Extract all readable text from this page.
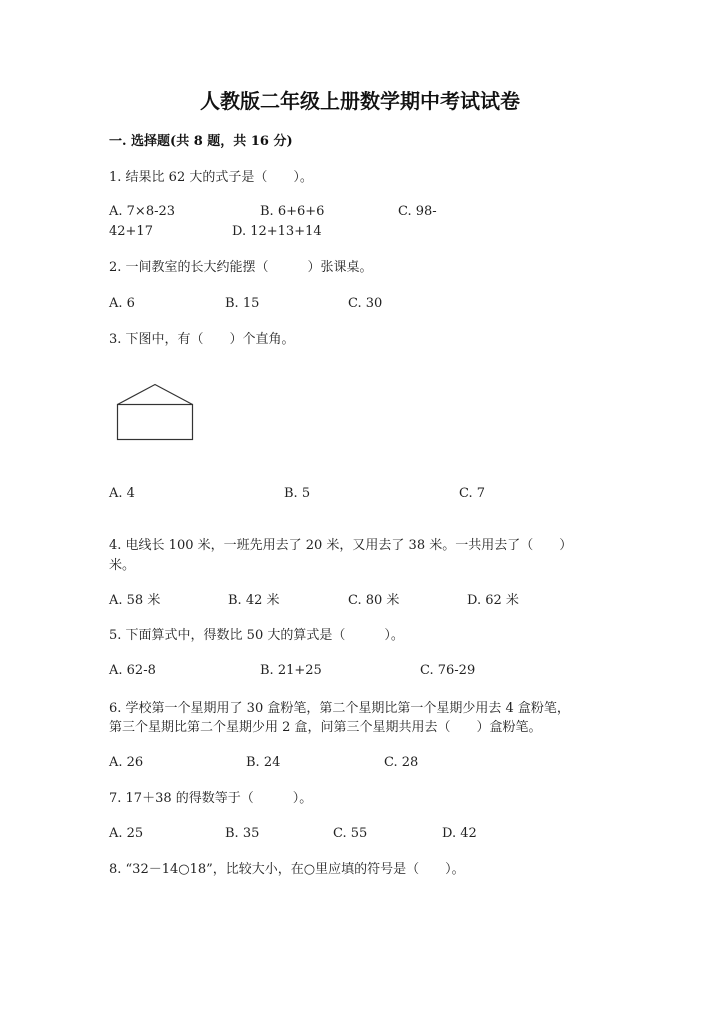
人教版二年级上册数学期中考试试卷
一. 选择题(共 8 题，共 16 分)
1. 结果比 62 大的式子是（　　）。
A. 7×8-23	B. 6+6+6	C. 98-
42+17	D. 12+13+14
2. 一间教室的长大约能摆（　　　）张课桌。
A. 6	B. 15	C. 30
3. 下图中，有（　　）个直角。
A. 4	B. 5	C. 7
4. 电线长 100 米，一班先用去了 20 米，又用去了 38 米。一共用去了（　　）
米。
A. 58 米	B. 42 米	C. 80 米	D. 62 米
5. 下面算式中，得数比 50 大的算式是（　　　）。
A. 62-8	B. 21+25	C. 76-29
6. 学校第一个星期用了 30 盒粉笔，第二个星期比第一个星期少用去 4 盒粉笔，
第三个星期比第二个星期少用 2 盒，问第三个星期共用去（　　）盒粉笔。
A. 26	B. 24	C. 28
7. 17＋38 的得数等于（　　　）。
A. 25	B. 35	C. 55	D. 42
8. “32－14○18”，比较大小，在○里应填的符号是（　　）。
